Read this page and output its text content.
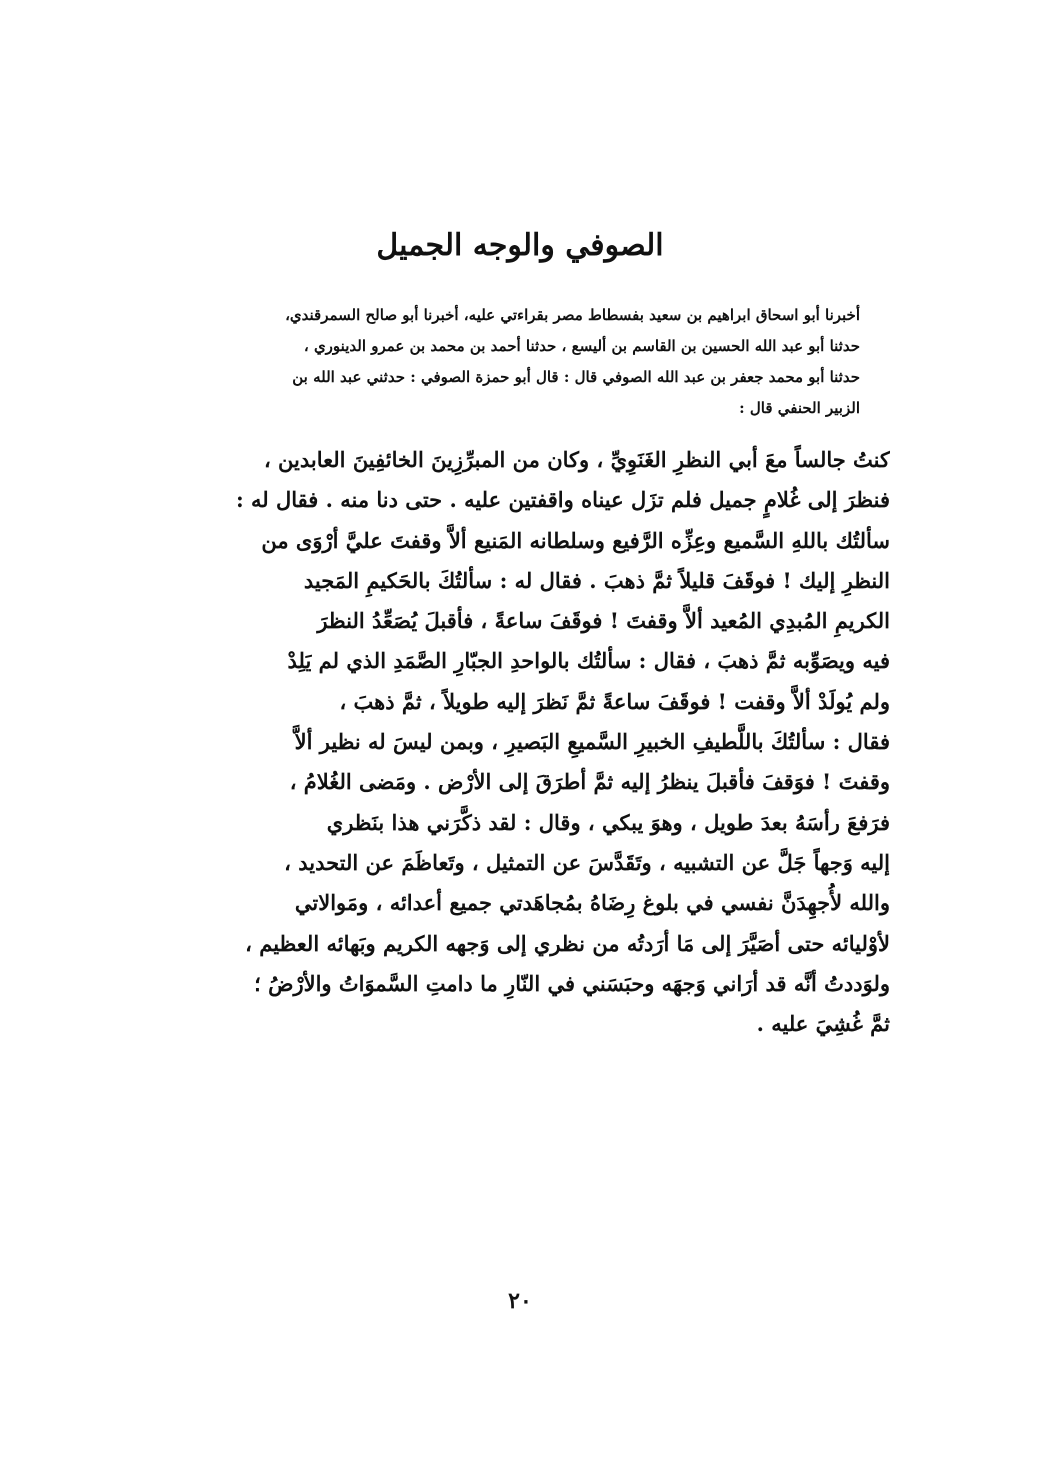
الصوفي والوجه الجميل
أخبرنا أبو اسحاق ابراهيم بن سعيد بفسطاط مصر بقراءتي عليه، أخبرنا أبو صالح السمرقندي،
حدثنا أبو عبد الله الحسين بن القاسم بن أليسع ، حدثنا أحمد بن محمد بن عمرو الدينوري ،
حدثنا أبو محمد جعفر بن عبد الله الصوفي قال : قال أبو حمزة الصوفي : حدثني عبد الله بن
الزبير الحنفي قال :
كنتُ جالساً معَ أبي النظرِ الغَنَوِيِّ ، وكان من المبرِّزِينَ الخائفِينَ العابدين ،
فنظرَ إلى غُلامٍ جميل فلم تزَل عيناه واقفتين عليه . حتى دنا منه . فقال له :
سألتُك باللهِ السَّميع وعِزِّه الرَّفيع وسلطانه المَنيع ألاَّ وقفتَ عليَّ أرْوَى من
النظرِ إليك ! فوقَفَ قليلاً ثمَّ ذهبَ . فقال له : سألتُكَ بالحَكيمِ المَجيد
الكريمِ المُبدِي المُعيد ألاَّ وقفتَ ! فوقَفَ ساعةً ، فأقبلَ يُصَعِّدُ النظرَ
فيه ويصَوِّبه ثمَّ ذهبَ ، فقال : سألتُك بالواحدِ الجبّارِ الصَّمَدِ الذي لم يَلِدْ
ولم يُولَدْ ألاَّ وقفت ! فوقَفَ ساعةً ثمَّ نَظرَ إليه طويلاً ، ثمَّ ذهبَ ،
فقال : سألتُكَ باللَّطيفِ الخبيرِ السَّميعِ البَصيرِ ، وبمن ليسَ له نظير ألاَّ
وقفتَ ! فوَقفَ فأقبلَ ينظرُ إليه ثمَّ أطرَقَ إلى الأرْض . ومَضى الغُلامُ ،
فرَفعَ رأسَهُ بعدَ طويل ، وهوَ يبكي ، وقال : لقد ذكَّرَني هذا بنَظري
إليه وَجهاً جَلَّ عن التشبيه ، وتَقَدَّسَ عن التمثيل ، وتَعاظَمَ عن التحديد ،
والله لأُجهِدَنَّ نفسي في بلوغ رِضَاهُ بمُجاهَدتي جميع أعدائه ، ومَوالاتي
لأوْليائه حتى أصَيَّرَ إلى مَا أرَدتُه من نظري إلى وَجهه الكريم وبَهائه العظيم ،
ولوَددتُ أنَّه قد أرَاني وَجهَه وحبَسَني في النّارِ ما دامتِ السَّموَاتُ والأرْضُ ؛
ثمَّ غُشِيَ عليه .
٢٠
